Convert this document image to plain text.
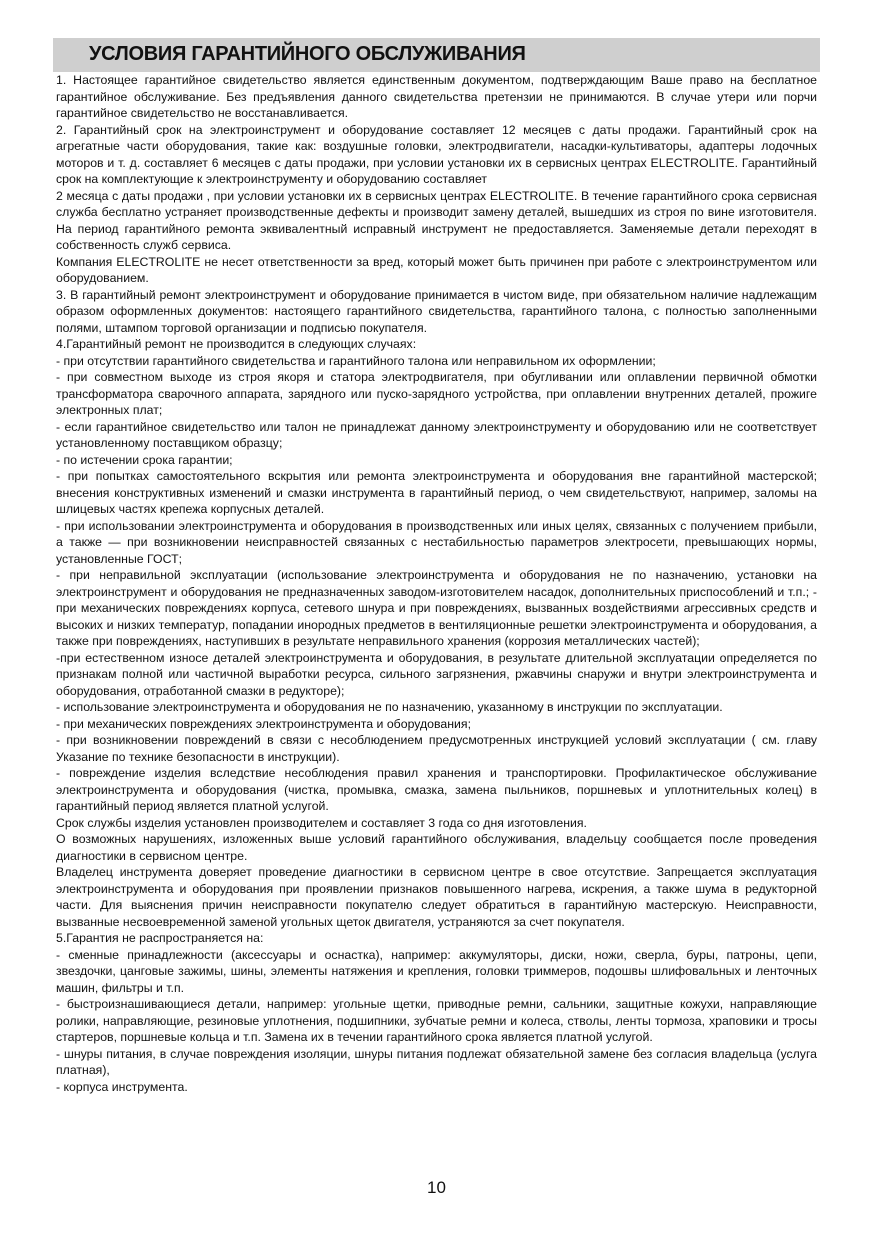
УСЛОВИЯ ГАРАНТИЙНОГО ОБСЛУЖИВАНИЯ

1. Настоящее гарантийное свидетельство является единственным документом, подтверждающим Ваше право на бесплатное гарантийное обслуживание. Без предъявления данного свидетельства претензии не принимаются. В случае утери или порчи гарантийное свидетельство не восстанавливается.

2. Гарантийный срок на электроинструмент и оборудование составляет 12 месяцев с даты продажи. Гарантийный срок на агрегатные части оборудования, такие как: воздушные головки, электродвигатели, насадки-культиваторы, адаптеры лодочных моторов и т. д. составляет 6 месяцев с даты продажи, при условии установки их в сервисных центрах ELECTROLITE. Гарантийный срок на комплектующие к электроинструменту и оборудованию составляет

2 месяца с даты продажи , при условии установки их в сервисных центрах ELECTROLITE. В течение гарантийного срока сервисная служба бесплатно устраняет производственные дефекты и производит замену деталей, вышедших из строя по вине изготовителя. На период гарантийного ремонта эквивалентный исправный инструмент не предоставляется. Заменяемые детали переходят в собственность служб сервиса.

Компания ELECTROLITE не несет ответственности за вред, который может быть причинен при работе с электроинструментом или оборудованием.

3. В гарантийный ремонт электроинструмент и оборудование принимается в чистом виде, при обязательном наличие надлежащим образом оформленных документов: настоящего гарантийного свидетельства, гарантийного талона, с полностью заполненными полями, штампом торговой организации и подписью покупателя.

4.Гарантийный ремонт не производится в следующих случаях:

- при отсутствии гарантийного свидетельства и гарантийного талона или неправильном их оформлении;

- при совместном выходе из строя якоря и статора электродвигателя, при обугливании или оплавлении первичной обмотки трансформатора сварочного аппарата, зарядного или пуско-зарядного устройства, при оплавлении внутренних деталей, прожиге электронных плат;

- если гарантийное свидетельство или талон не принадлежат данному электроинструменту и оборудованию или не соответствует установленному поставщиком образцу;

- по истечении срока гарантии;

- при попытках самостоятельного вскрытия или ремонта электроинструмента и оборудования вне гарантийной мастерской; внесения конструктивных изменений и смазки инструмента в гарантийный период, о чем свидетельствуют, например, заломы на шлицевых частях крепежа корпусных деталей.

- при использовании электроинструмента и оборудования в производственных или иных целях, связанных с получением прибыли, а также — при возникновении неисправностей связанных с нестабильностью параметров электросети, превышающих нормы, установленные ГОСТ;

- при неправильной эксплуатации (использование электроинструмента и оборудования не по назначению, установки на электроинструмент и оборудования не предназначенных заводом-изготовителем насадок, дополнительных приспособлений и т.п.; - при механических повреждениях корпуса, сетевого шнура и при повреждениях, вызванных воздействиями агрессивных средств и высоких и низких температур, попадании инородных предметов в вентиляционные решетки электроинструмента и оборудования, а также при повреждениях, наступивших в результате неправильного хранения (коррозия металлических частей);

-при естественном износе деталей электроинструмента и оборудования, в результате длительной эксплуатации определяется по признакам полной или частичной выработки ресурса, сильного загрязнения, ржавчины снаружи и внутри электроинструмента и оборудования, отработанной смазки в редукторе);

- использование электроинструмента и оборудования не по назначению, указанному в инструкции по эксплуатации.

- при механических повреждениях электроинструмента и оборудования;

- при возникновении повреждений в связи с несоблюдением предусмотренных инструкцией условий эксплуатации ( см. главу Указание по технике безопасности в инструкции).

- повреждение изделия вследствие несоблюдения правил хранения и транспортировки. Профилактическое обслуживание электроинструмента и оборудования (чистка, промывка, смазка, замена пыльников, поршневых и уплотнительных колец) в гарантийный период является платной услугой.

Срок службы изделия установлен производителем и составляет 3 года со дня изготовления.

О возможных нарушениях, изложенных выше условий гарантийного обслуживания, владельцу сообщается после проведения диагностики в сервисном центре.

Владелец инструмента доверяет проведение диагностики в сервисном центре в свое отсутствие. Запрещается эксплуатация электроинструмента и оборудования при проявлении признаков повышенного нагрева, искрения, а также шума в редукторной части. Для выяснения причин неисправности покупателю следует обратиться в гарантийную мастерскую. Неисправности, вызванные несвоевременной заменой угольных щеток двигателя, устраняются за счет покупателя.

5.Гарантия не распространяется на:

- сменные принадлежности (аксессуары и оснастка), например: аккумуляторы, диски, ножи, сверла, буры, патроны, цепи, звездочки, цанговые зажимы, шины, элементы натяжения и крепления, головки триммеров, подошвы шлифовальных и ленточных машин, фильтры и т.п.

- быстроизнашивающиеся детали, например: угольные щетки, приводные ремни, сальники, защитные кожухи, направляющие ролики, направляющие, резиновые уплотнения, подшипники, зубчатые ремни и колеса, стволы, ленты тормоза, храповики и тросы стартеров, поршневые кольца и т.п. Замена их в течении гарантийного срока является платной услугой.

- шнуры питания, в случае повреждения изоляции, шнуры питания подлежат обязательной замене без согласия владельца (услуга платная),

- корпуса инструмента.

10
